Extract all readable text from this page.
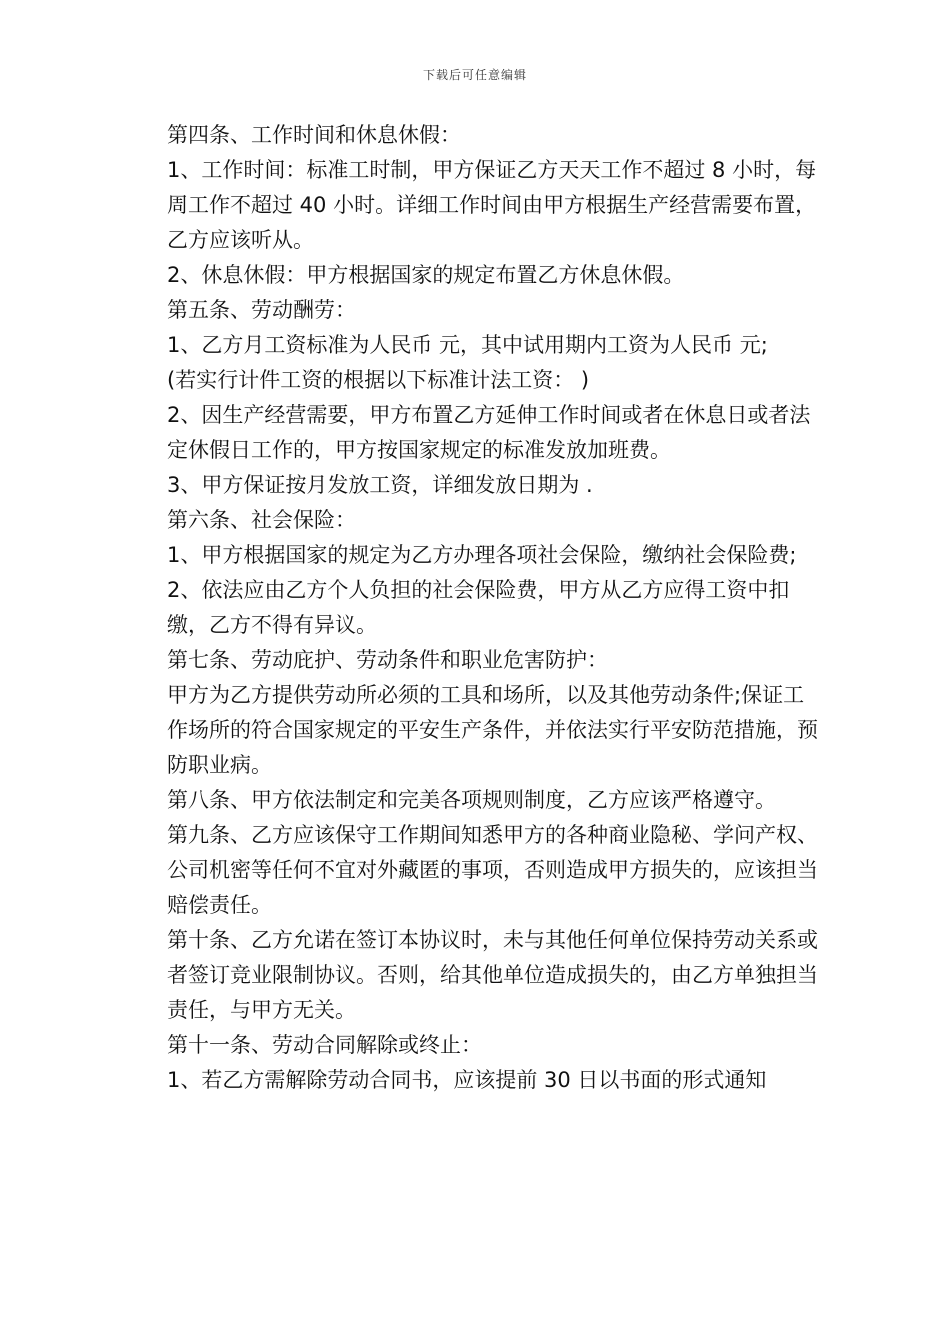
下载后可任意编辑

第四条、工作时间和休息休假：

1、工作时间：标准工时制，甲方保证乙方天天工作不超过 8 小时，每周工作不超过 40 小时。详细工作时间由甲方根据生产经营需要布置，乙方应该听从。

2、休息休假：甲方根据国家的规定布置乙方休息休假。

第五条、劳动酬劳：

1、乙方月工资标准为人民币 元，其中试用期内工资为人民币 元;

(若实行计件工资的根据以下标准计法工资： )

2、因生产经营需要，甲方布置乙方延伸工作时间或者在休息日或者法定休假日工作的，甲方按国家规定的标准发放加班费。

3、甲方保证按月发放工资，详细发放日期为 .

第六条、社会保险：

1、甲方根据国家的规定为乙方办理各项社会保险，缴纳社会保险费;

2、依法应由乙方个人负担的社会保险费，甲方从乙方应得工资中扣缴，乙方不得有异议。

第七条、劳动庇护、劳动条件和职业危害防护：

甲方为乙方提供劳动所必须的工具和场所，以及其他劳动条件;保证工作场所的符合国家规定的平安生产条件，并依法实行平安防范措施，预防职业病。

第八条、甲方依法制定和完美各项规则制度，乙方应该严格遵守。

第九条、乙方应该保守工作期间知悉甲方的各种商业隐秘、学问产权、公司机密等任何不宜对外藏匿的事项，否则造成甲方损失的，应该担当赔偿责任。

第十条、乙方允诺在签订本协议时，未与其他任何单位保持劳动关系或者签订竞业限制协议。否则，给其他单位造成损失的，由乙方单独担当责任，与甲方无关。

第十一条、劳动合同解除或终止：

1、若乙方需解除劳动合同书，应该提前 30 日以书面的形式通知
